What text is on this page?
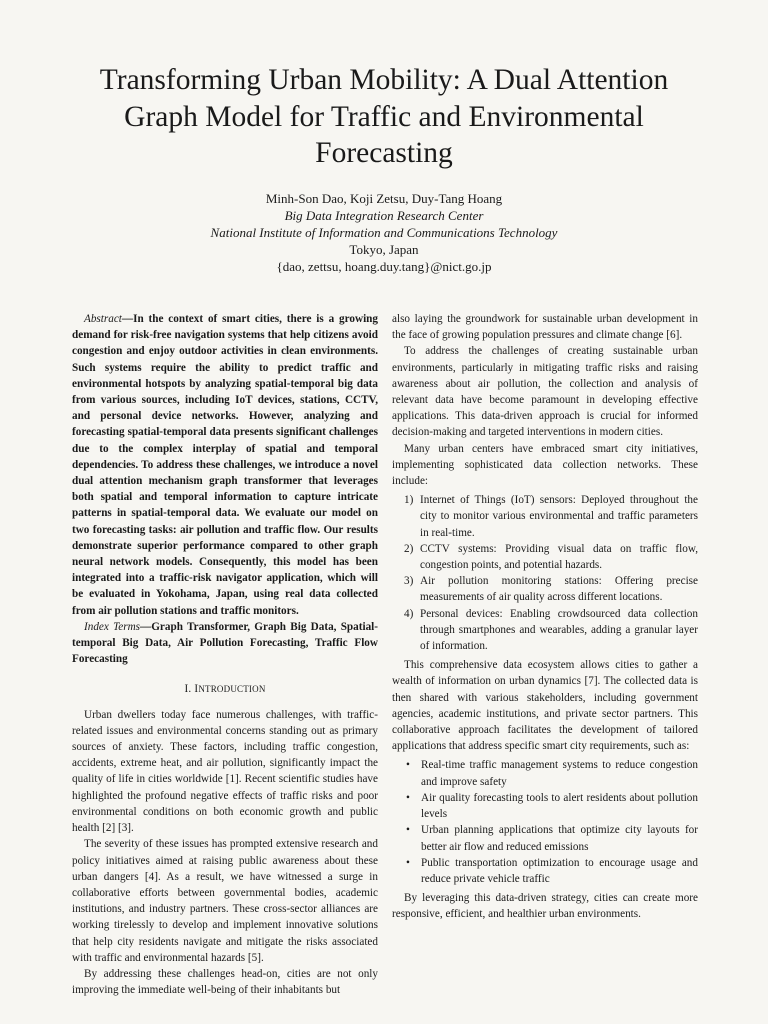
Transforming Urban Mobility: A Dual Attention
Graph Model for Traffic and Environmental
Forecasting
Minh-Son Dao, Koji Zetsu, Duy-Tang Hoang
Big Data Integration Research Center
National Institute of Information and Communications Technology
Tokyo, Japan
{dao, zettsu, hoang.duy.tang}@nict.go.jp

Abstract—In the context of smart cities, there is a growing demand for risk-free navigation systems that help citizens avoid congestion and enjoy outdoor activities in clean environments. Such systems require the ability to predict traffic and environmental hotspots by analyzing spatial-temporal big data from various sources, including IoT devices, stations, CCTV, and personal device networks. However, analyzing and forecasting spatial-temporal data presents significant challenges due to the complex interplay of spatial and temporal dependencies. To address these challenges, we introduce a novel dual attention mechanism graph transformer that leverages both spatial and temporal information to capture intricate patterns in spatial-temporal data. We evaluate our model on two forecasting tasks: air pollution and traffic flow. Our results demonstrate superior performance compared to other graph neural network models. Consequently, this model has been integrated into a traffic-risk navigator application, which will be evaluated in Yokohama, Japan, using real data collected from air pollution stations and traffic monitors.

Index Terms—Graph Transformer, Graph Big Data, Spatial-temporal Big Data, Air Pollution Forecasting, Traffic Flow Forecasting

I. INTRODUCTION

Urban dwellers today face numerous challenges, with traffic-related issues and environmental concerns standing out as primary sources of anxiety. These factors, including traffic congestion, accidents, extreme heat, and air pollution, significantly impact the quality of life in cities worldwide [1]. Recent scientific studies have highlighted the profound negative effects of traffic risks and poor environmental conditions on both economic growth and public health [2] [3].

The severity of these issues has prompted extensive research and policy initiatives aimed at raising public awareness about these urban dangers [4]. As a result, we have witnessed a surge in collaborative efforts between governmental bodies, academic institutions, and industry partners. These cross-sector alliances are working tirelessly to develop and implement innovative solutions that help city residents navigate and mitigate the risks associated with traffic and environmental hazards [5].

By addressing these challenges head-on, cities are not only improving the immediate well-being of their inhabitants but

also laying the groundwork for sustainable urban development in the face of growing population pressures and climate change [6].

To address the challenges of creating sustainable urban environments, particularly in mitigating traffic risks and raising awareness about air pollution, the collection and analysis of relevant data have become paramount in developing effective applications. This data-driven approach is crucial for informed decision-making and targeted interventions in modern cities.

Many urban centers have embraced smart city initiatives, implementing sophisticated data collection networks. These include:

1) Internet of Things (IoT) sensors: Deployed throughout the city to monitor various environmental and traffic parameters in real-time.
2) CCTV systems: Providing visual data on traffic flow, congestion points, and potential hazards.
3) Air pollution monitoring stations: Offering precise measurements of air quality across different locations.
4) Personal devices: Enabling crowdsourced data collection through smartphones and wearables, adding a granular layer of information.

This comprehensive data ecosystem allows cities to gather a wealth of information on urban dynamics [7]. The collected data is then shared with various stakeholders, including government agencies, academic institutions, and private sector partners. This collaborative approach facilitates the development of tailored applications that address specific smart city requirements, such as:

• Real-time traffic management systems to reduce congestion and improve safety
• Air quality forecasting tools to alert residents about pollution levels
• Urban planning applications that optimize city layouts for better air flow and reduced emissions
• Public transportation optimization to encourage usage and reduce private vehicle traffic

By leveraging this data-driven strategy, cities can create more responsive, efficient, and healthier urban environments.
